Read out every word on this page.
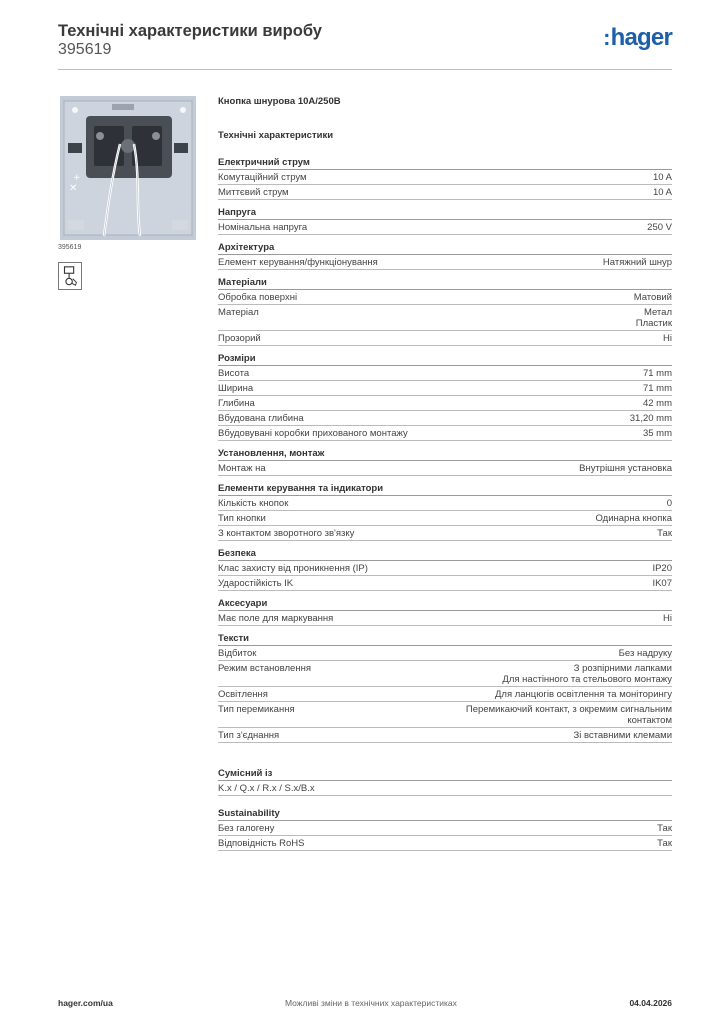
Технічні характеристики виробу
395619	:hager
✕
+
395619
Кнопка шнурова 10А/250В
Технічні характеристики
Електричний струм
Комутаційний струм	10 A
Миттєвий струм	10 A
Напруга
Номінальна напруга	250 V
Архітектура
Елемент керування/функціонування	Натяжний шнур
Матеріали
Обробка поверхні	Матовий
Матеріал	Метал
Пластик
Прозорий	Ні
Розміри
Висота	71 mm
Ширина	71 mm
Глибина	42 mm
Вбудована глибина	31,20 mm
Вбудовувані коробки прихованого монтажу	35 mm
Установлення, монтаж
Монтаж на	Внутрішня установка
Елементи керування та індикатори
Кількість кнопок	0
Тип кнопки	Одинарна кнопка
З контактом зворотного зв'язку	Так
Безпека
Клас захисту від проникнення (IP)	IP20
Ударостійкість IK	IK07
Аксесуари
Має поле для маркування	Ні
Тексти
Відбиток	Без надруку
Режим встановлення	З розпірними лапками
Для настінного та стельового монтажу
Освітлення	Для ланцюгів освітлення та моніторингу
Тип перемикання	Перемикаючий контакт, з окремим сигнальним
контактом
Тип з'єднання	Зі вставними клемами
Сумісний із
K.x / Q.x / R.x / S.x/B.x
Sustainability
Без галогену	Так
Відповідність RoHS	Так
hager.com/ua	Можливі зміни в технічних характеристиках	04.04.2026
